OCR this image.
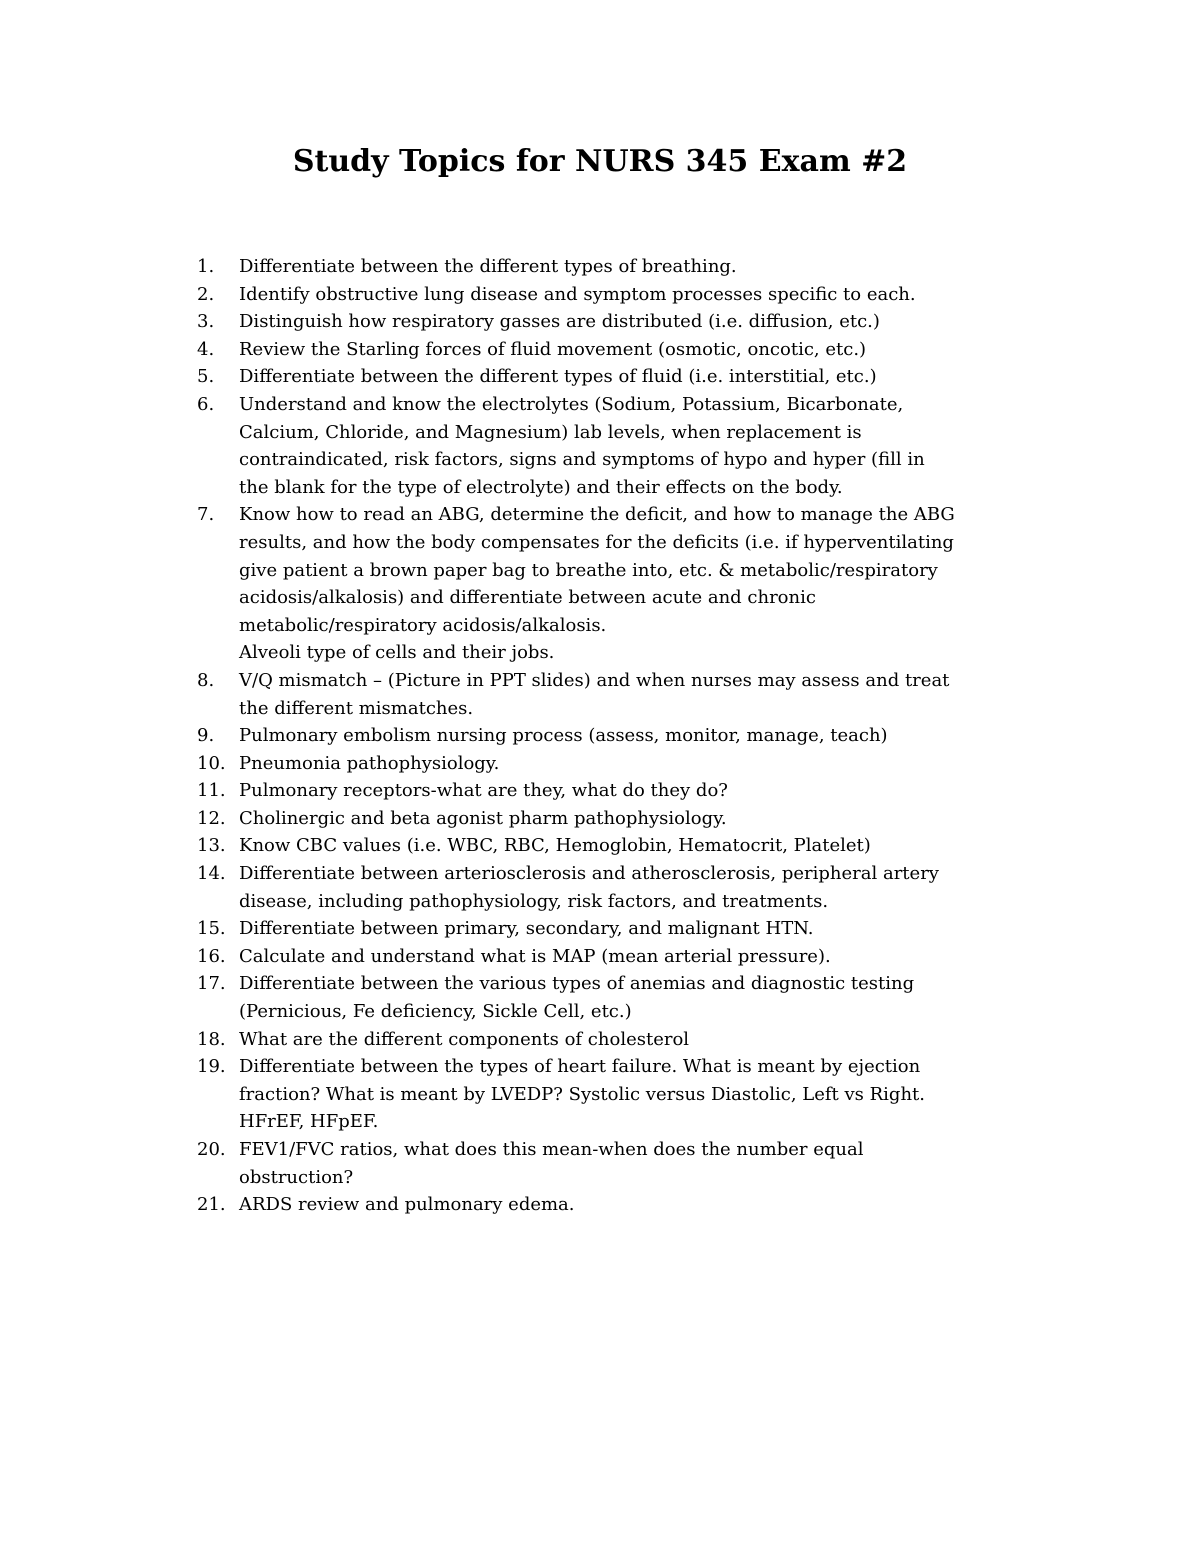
Study Topics for NURS 345 Exam #2
1.	Differentiate between the different types of breathing.
2.	Identify obstructive lung disease and symptom processes specific to each.
3.	Distinguish how respiratory gasses are distributed (i.e. diffusion, etc.)
4.	Review the Starling forces of fluid movement (osmotic, oncotic, etc.)
5.	Differentiate between the different types of fluid (i.e. interstitial, etc.)
6.	Understand and know the electrolytes (Sodium, Potassium, Bicarbonate,
Calcium, Chloride, and Magnesium) lab levels, when replacement is
contraindicated, risk factors, signs and symptoms of hypo and hyper (fill in
the blank for the type of electrolyte) and their effects on the body.
7.	Know how to read an ABG, determine the deficit, and how to manage the ABG
results, and how the body compensates for the deficits (i.e. if hyperventilating
give patient a brown paper bag to breathe into, etc. & metabolic/respiratory
acidosis/alkalosis) and differentiate between acute and chronic
metabolic/respiratory acidosis/alkalosis.
Alveoli type of cells and their jobs.
8.	V/Q mismatch – (Picture in PPT slides) and when nurses may assess and treat
the different mismatches.
9.	Pulmonary embolism nursing process (assess, monitor, manage, teach)
10. Pneumonia pathophysiology.
11. Pulmonary receptors-what are they, what do they do?
12. Cholinergic and beta agonist pharm pathophysiology.
13. Know CBC values (i.e. WBC, RBC, Hemoglobin, Hematocrit, Platelet)
14. Differentiate between arteriosclerosis and atherosclerosis, peripheral artery
disease, including pathophysiology, risk factors, and treatments.
15. Differentiate between primary, secondary, and malignant HTN.
16. Calculate and understand what is MAP (mean arterial pressure).
17. Differentiate between the various types of anemias and diagnostic testing
(Pernicious, Fe deficiency, Sickle Cell, etc.)
18. What are the different components of cholesterol
19. Differentiate between the types of heart failure. What is meant by ejection
fraction? What is meant by LVEDP? Systolic versus Diastolic, Left vs Right.
HFrEF, HFpEF.
20. FEV1/FVC ratios, what does this mean-when does the number equal
obstruction?
21. ARDS review and pulmonary edema.
